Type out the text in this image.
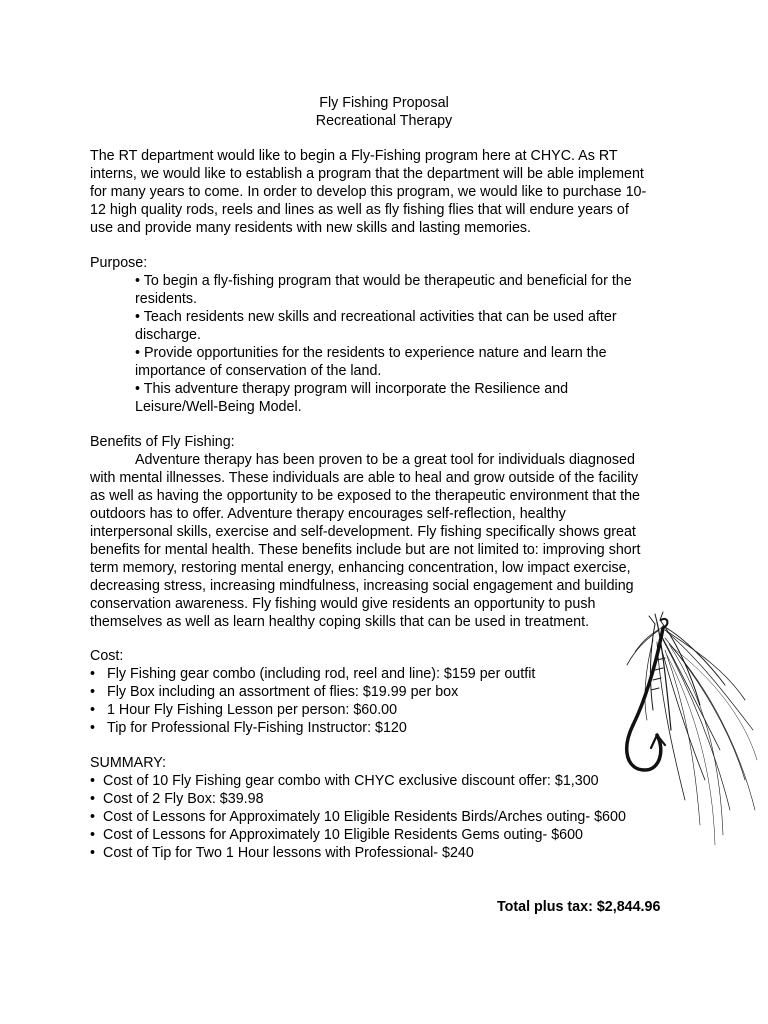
Fly Fishing Proposal
Recreational Therapy
The RT department would like to begin a Fly-Fishing program here at CHYC. As RT
interns, we would like to establish a program that the department will be able implement
for many years to come. In order to develop this program, we would like to purchase 10-
12 high quality rods, reels and lines as well as fly fishing flies that will endure years of
use and provide many residents with new skills and lasting memories.
Purpose:
• To begin a fly-fishing program that would be therapeutic and beneficial for the
residents.
• Teach residents new skills and recreational activities that can be used after
discharge.
• Provide opportunities for the residents to experience nature and learn the
importance of conservation of the land.
• This adventure therapy program will incorporate the Resilience and
Leisure/Well-Being Model.
Benefits of Fly Fishing:
Adventure therapy has been proven to be a great tool for individuals diagnosed
with mental illnesses. These individuals are able to heal and grow outside of the facility
as well as having the opportunity to be exposed to the therapeutic environment that the
outdoors has to offer. Adventure therapy encourages self-reflection, healthy
interpersonal skills, exercise and self-development. Fly fishing specifically shows great
benefits for mental health. These benefits include but are not limited to: improving short
term memory, restoring mental energy, enhancing concentration, low impact exercise,
decreasing stress, increasing mindfulness, increasing social engagement and building
conservation awareness. Fly fishing would give residents an opportunity to push
themselves as well as learn healthy coping skills that can be used in treatment.
Cost:
• Fly Fishing gear combo (including rod, reel and line): $159 per outfit
• Fly Box including an assortment of flies: $19.99 per box
• 1 Hour Fly Fishing Lesson per person: $60.00
• Tip for Professional Fly-Fishing Instructor: $120
SUMMARY:
• Cost of 10 Fly Fishing gear combo with CHYC exclusive discount offer: $1,300
• Cost of 2 Fly Box: $39.98
• Cost of Lessons for Approximately 10 Eligible Residents Birds/Arches outing- $600
• Cost of Lessons for Approximately 10 Eligible Residents Gems outing- $600
• Cost of Tip for Two 1 Hour lessons with Professional- $240
Total plus tax: $2,844.96
